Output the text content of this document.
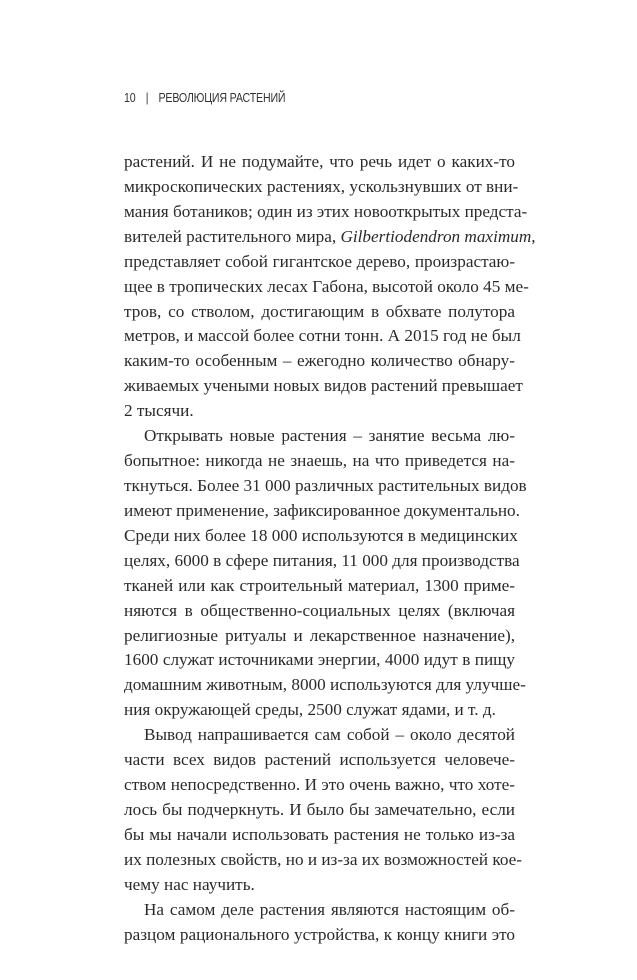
10 | РЕВОЛЮЦИЯ РАСТЕНИЙ
растений. И не подумайте, что речь идет о каких-то
микроскопических растениях, ускользнувших от вни-
мания ботаников; один из этих новооткрытых предста-
вителей растительного мира, Gilbertiodendron maximum,
представляет собой гигантское дерево, произрастаю-
щее в тропических лесах Габона, высотой около 45 ме-
тров, со стволом, достигающим в обхвате полутора
метров, и массой более сотни тонн. А 2015 год не был
каким-то особенным – ежегодно количество обнару-
живаемых учеными новых видов растений превышает
2 тысячи.
Открывать новые растения – занятие весьма лю-
бопытное: никогда не знаешь, на что приведется на-
ткнуться. Более 31 000 различных растительных видов
имеют применение, зафиксированное документально.
Среди них более 18 000 используются в медицинских
целях, 6000 в сфере питания, 11 000 для производства
тканей или как строительный материал, 1300 приме-
няются в общественно-социальных целях (включая
религиозные ритуалы и лекарственное назначение),
1600 служат источниками энергии, 4000 идут в пищу
домашним животным, 8000 используются для улучше-
ния окружающей среды, 2500 служат ядами, и т. д.
Вывод напрашивается сам собой – около десятой
части всех видов растений используется человече-
ством непосредственно. И это очень важно, что хоте-
лось бы подчеркнуть. И было бы замечательно, если
бы мы начали использовать растения не только из-за
их полезных свойств, но и из-за их возможностей кое-
чему нас научить.
На самом деле растения являются настоящим об-
разцом рационального устройства, к концу книги это
